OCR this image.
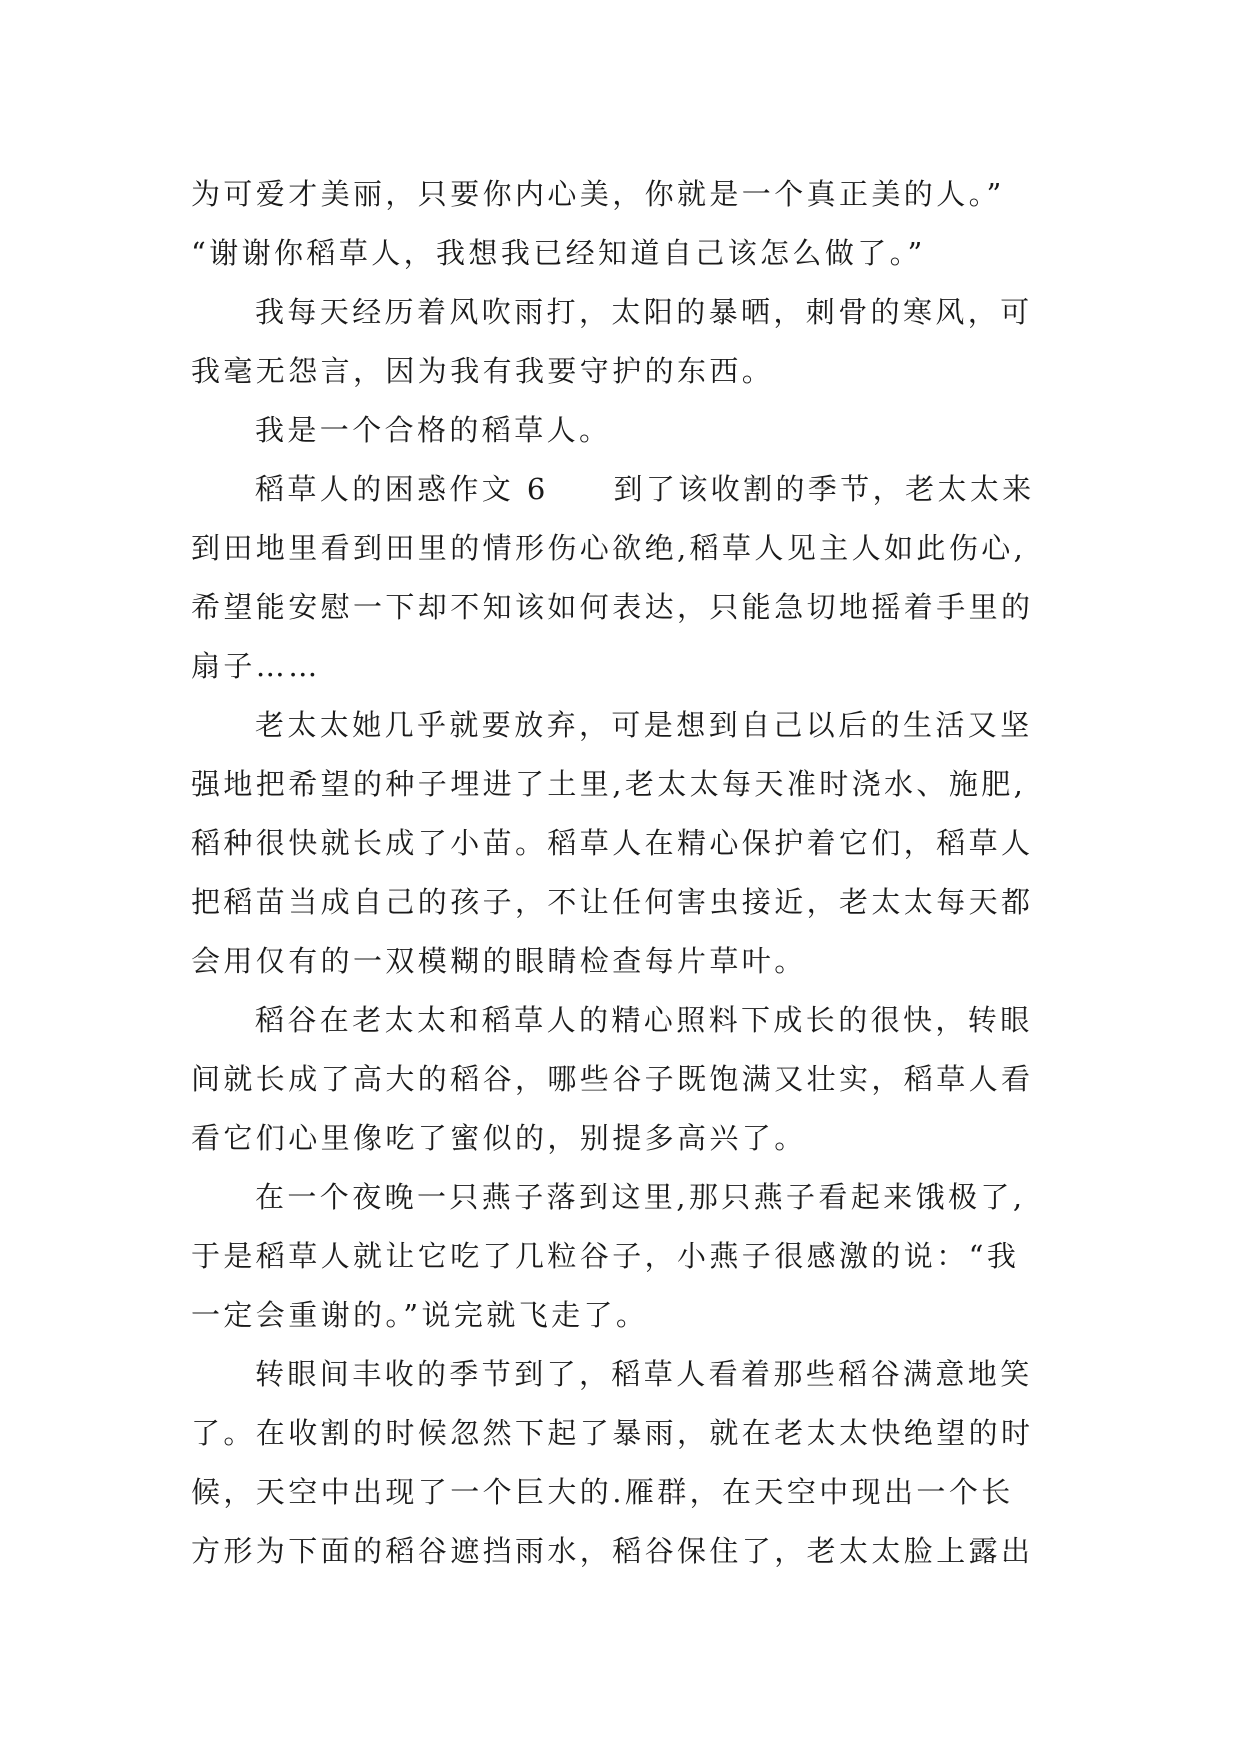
为可爱才美丽，只要你内心美，你就是一个真正美的人。”
“谢谢你稻草人，我想我已经知道自己该怎么做了。”
我每天经历着风吹雨打，太阳的暴晒，刺骨的寒风，可
我毫无怨言，因为我有我要守护的东西。
我是一个合格的稻草人。
稻草人的困惑作文 6　　到了该收割的季节，老太太来
到田地里看到田里的情形伤心欲绝,稻草人见主人如此伤心,
希望能安慰一下却不知该如何表达，只能急切地摇着手里的
扇子……
老太太她几乎就要放弃，可是想到自己以后的生活又坚
强地把希望的种子埋进了土里,老太太每天准时浇水、施肥,
稻种很快就长成了小苗。稻草人在精心保护着它们，稻草人
把稻苗当成自己的孩子，不让任何害虫接近，老太太每天都
会用仅有的一双模糊的眼睛检查每片草叶。
稻谷在老太太和稻草人的精心照料下成长的很快，转眼
间就长成了高大的稻谷，哪些谷子既饱满又壮实，稻草人看
看它们心里像吃了蜜似的，别提多高兴了。
在一个夜晚一只燕子落到这里,那只燕子看起来饿极了,
于是稻草人就让它吃了几粒谷子，小燕子很感激的说：“我
一定会重谢的。”说完就飞走了。
转眼间丰收的季节到了，稻草人看着那些稻谷满意地笑
了。在收割的时候忽然下起了暴雨，就在老太太快绝望的时
候，天空中出现了一个巨大的.雁群，在天空中现出一个长
方形为下面的稻谷遮挡雨水，稻谷保住了，老太太脸上露出
